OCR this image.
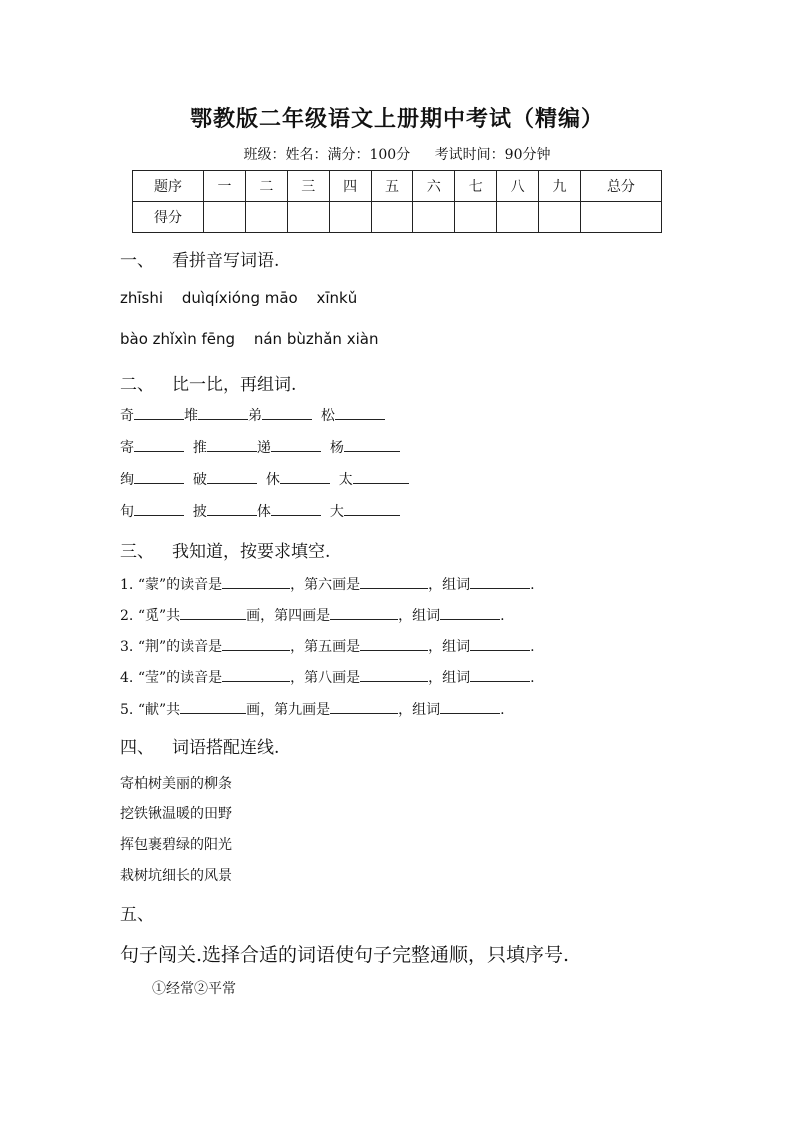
鄂教版二年级语文上册期中考试（精编）
班级：姓名：满分：100分 考试时间：90分钟
题序	一	二	三	四	五	六	七	八	九	总分
得分										
一、 看拼音写词语.
zhīshi duìqíxióng māo xīnkǔ
bào zhǐxìn fēng nán bùzhǎn xiàn
二、 比一比，再组词.
奇	堆	弟	松
寄	推	递	杨
绚	破	休	太
旬	披	体	大
三、 我知道，按要求填空.
1. “蒙”的读音是	，第六画是	，组词	.
2. “觅”共	画，第四画是	，组词	.
3. “荆”的读音是	，第五画是	，组词	.
4. “莹”的读音是	，第八画是	，组词	.
5. “献”共	画，第九画是	，组词	.
四、 词语搭配连线.
寄柏树美丽的柳条
挖铁锹温暖的田野
挥包裹碧绿的阳光
栽树坑细长的风景
五、
句子闯关.选择合适的词语使句子完整通顺，只填序号.
①经常②平常
